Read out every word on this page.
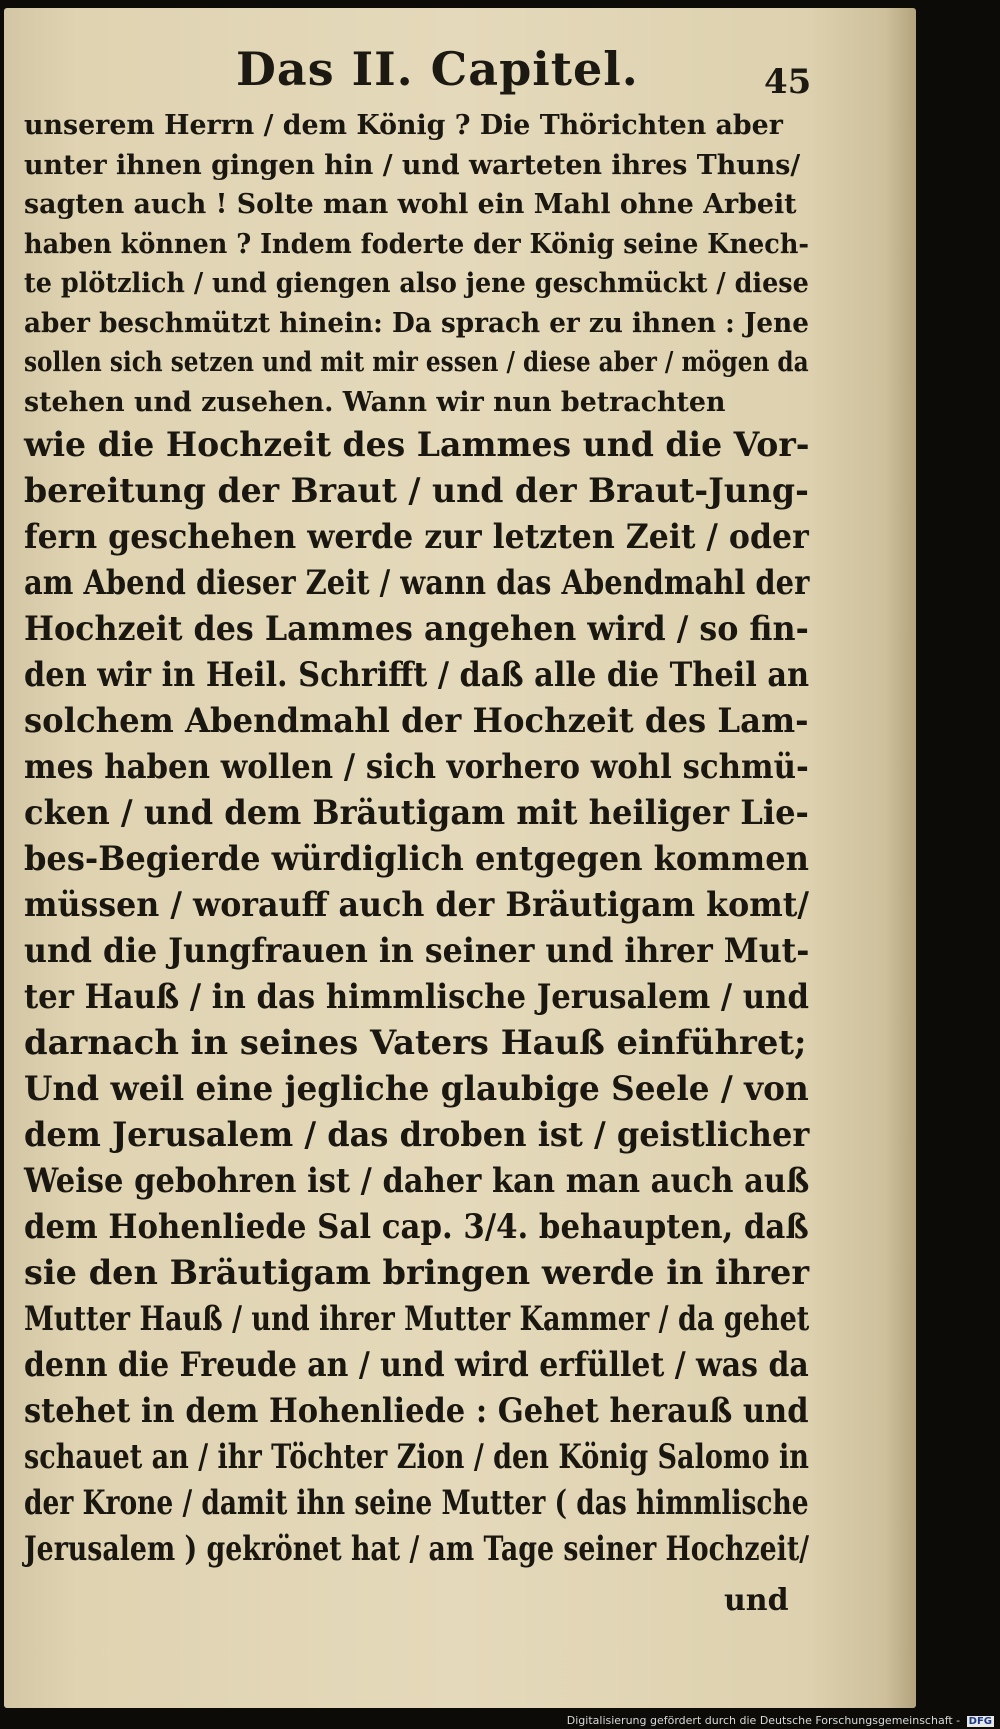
Das II. Capitel.	45
unserem Herrn / dem König ? Die Thörichten aber
unter ihnen gingen hin / und warteten ihres Thuns/
sagten auch ! Solte man wohl ein Mahl ohne Arbeit
haben können ? Indem foderte der König seine Knech-
te plötzlich / und giengen also jene geschmückt / diese
aber beschmützt hinein: Da sprach er zu ihnen : Jene
sollen sich setzen und mit mir essen / diese aber / mögen da
stehen und zusehen. Wann wir nun betrachten
wie die Hochzeit des Lammes und die Vor-
bereitung der Braut / und der Braut-Jung-
fern geschehen werde zur letzten Zeit / oder
am Abend dieser Zeit / wann das Abendmahl der
Hochzeit des Lammes angehen wird / so fin-
den wir in Heil. Schrifft / daß alle die Theil an
solchem Abendmahl der Hochzeit des Lam-
mes haben wollen / sich vorhero wohl schmü-
cken / und dem Bräutigam mit heiliger Lie-
bes-Begierde würdiglich entgegen kommen
müssen / worauff auch der Bräutigam komt/
und die Jungfrauen in seiner und ihrer Mut-
ter Hauß / in das himmlische Jerusalem / und
darnach in seines Vaters Hauß einführet;
Und weil eine jegliche glaubige Seele / von
dem Jerusalem / das droben ist / geistlicher
Weise gebohren ist / daher kan man auch auß
dem Hohenliede Sal cap. 3/4. behaupten, daß
sie den Bräutigam bringen werde in ihrer
Mutter Hauß / und ihrer Mutter Kammer / da gehet
denn die Freude an / und wird erfüllet / was da
stehet in dem Hohenliede : Gehet herauß und
schauet an / ihr Töchter Zion / den König Salomo in
der Krone / damit ihn seine Mutter ( das himmlische
Jerusalem ) gekrönet hat / am Tage seiner Hochzeit/
und
Digitalisierung gefördert durch die Deutsche Forschungsgemeinschaft - DFG
